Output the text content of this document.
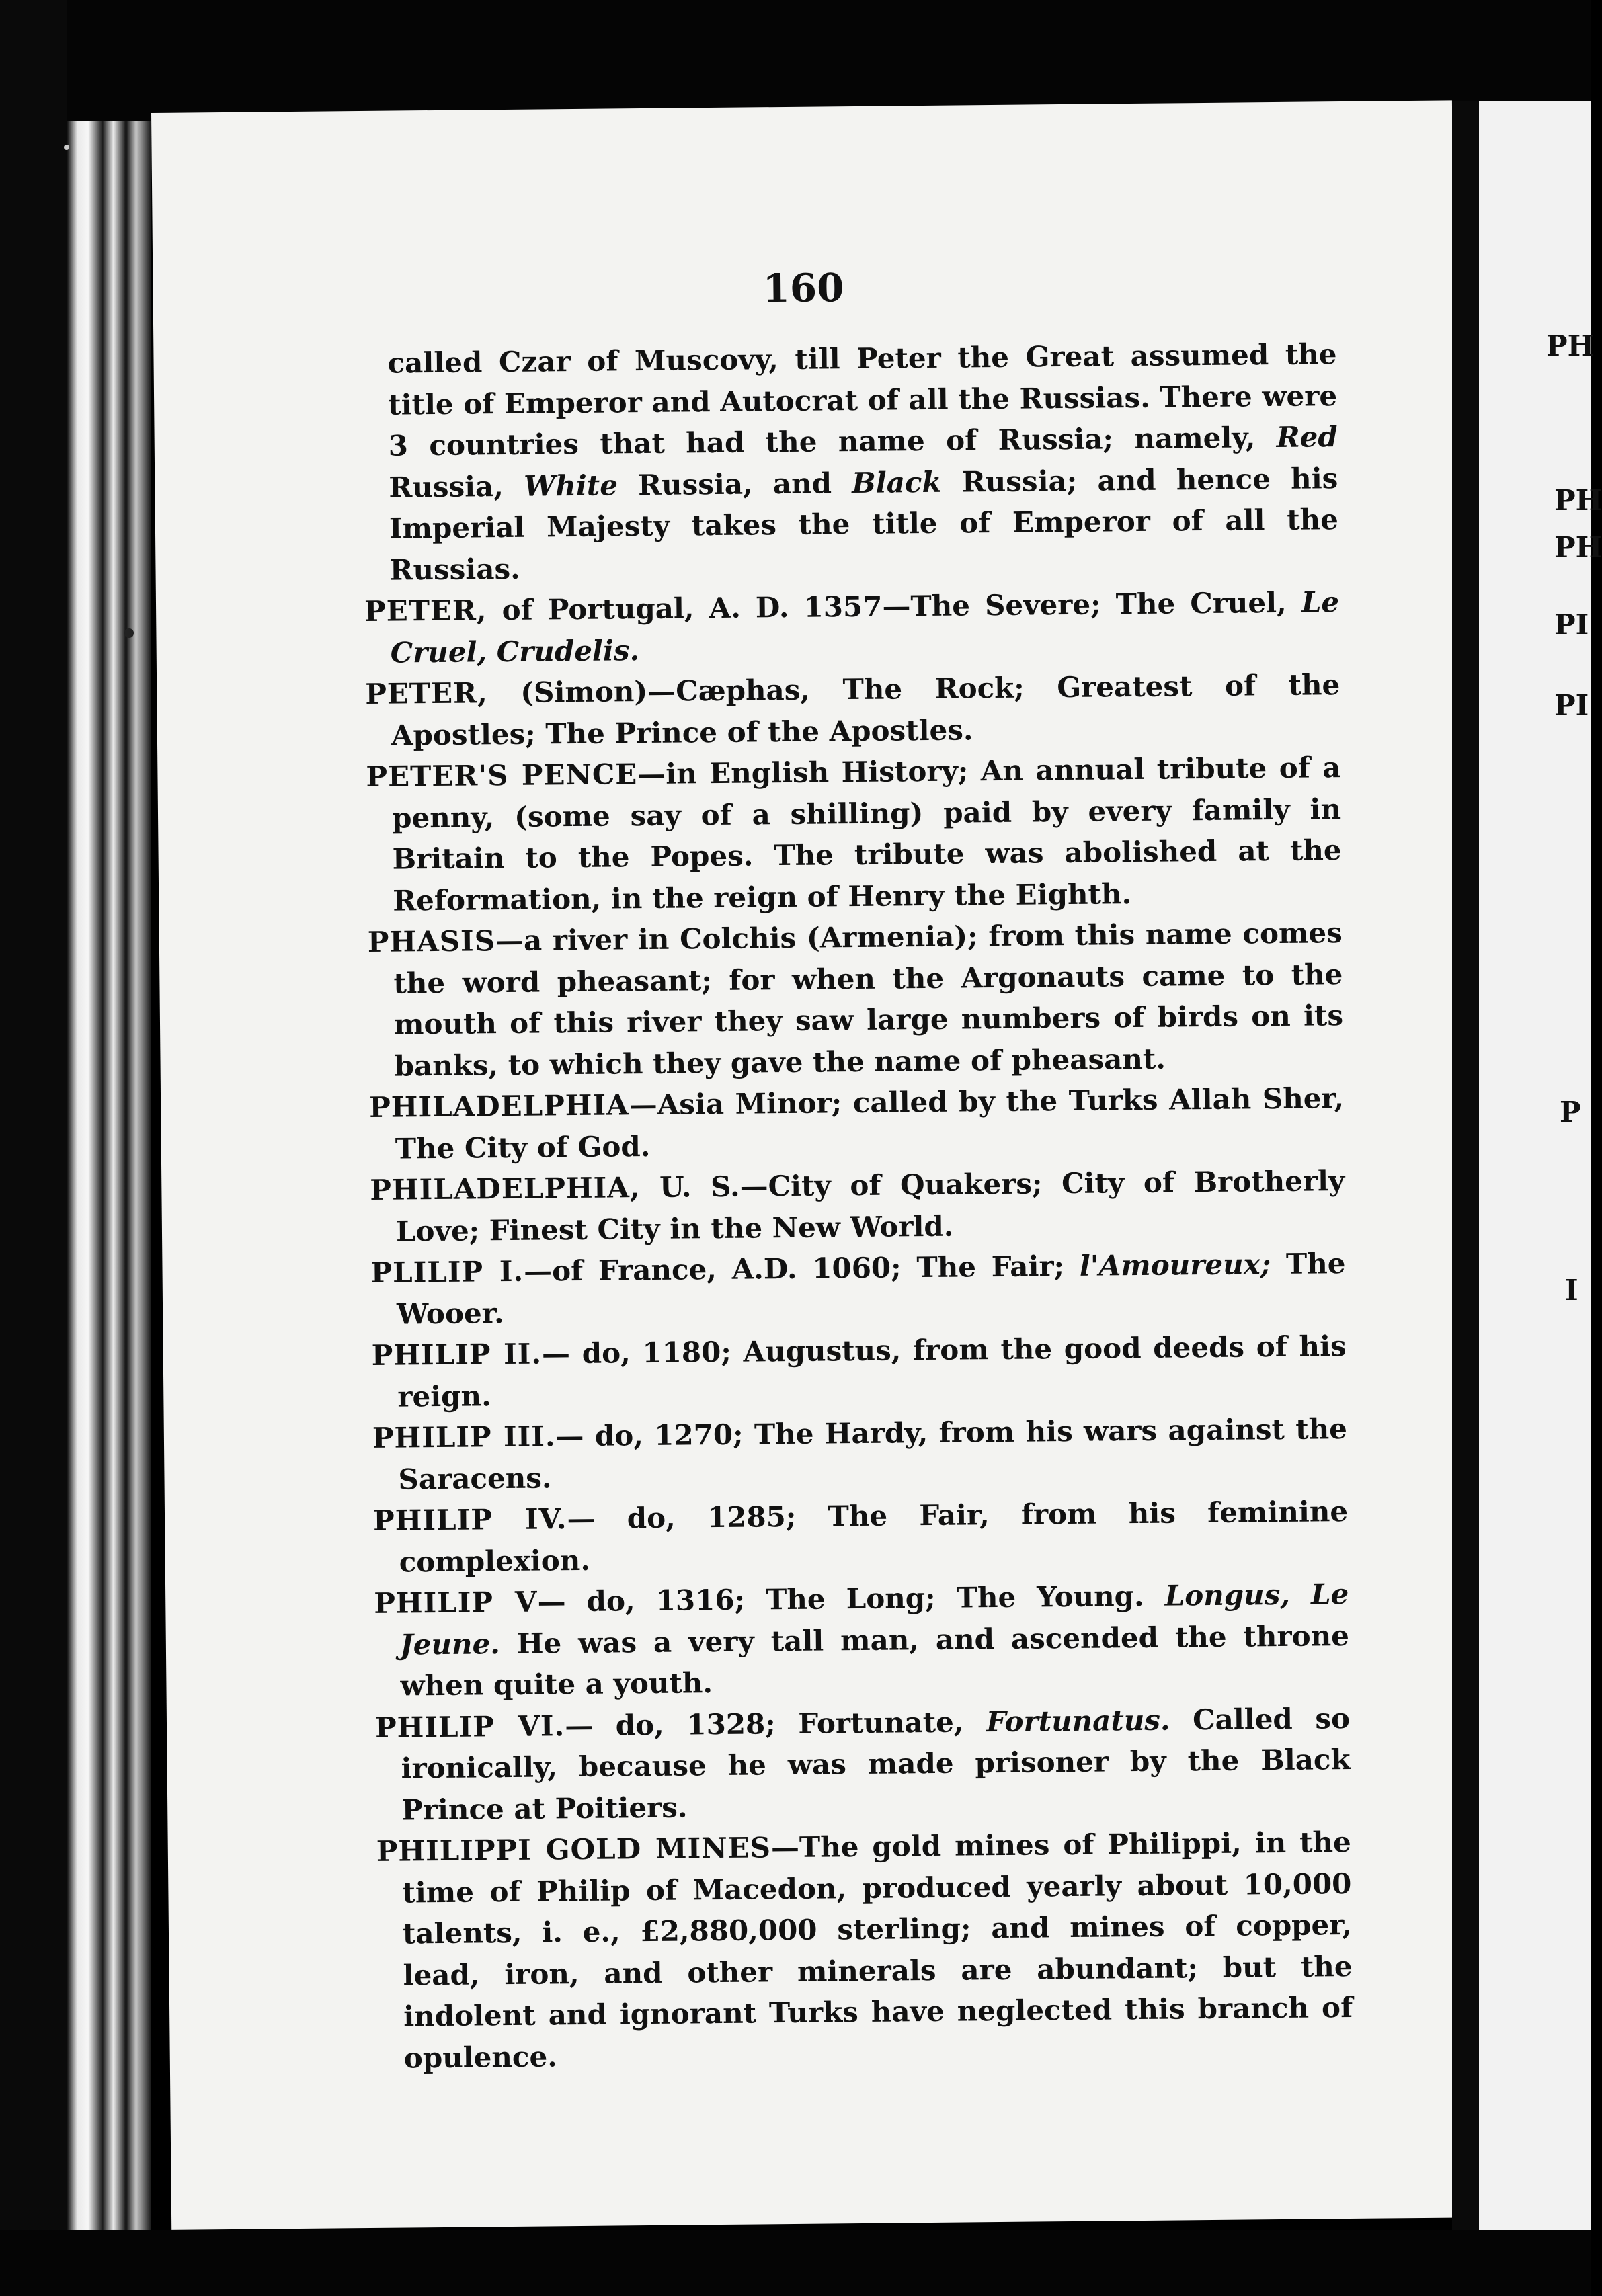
160

called Czar of Muscovy, till Peter the Great assumed the title of Emperor and Autocrat of all the Russias. There were 3 countries that had the name of Russia; namely, Red Russia, White Russia, and Black Russia; and hence his Imperial Majesty takes the title of Emperor of all the Russias.

PETER, of Portugal, A. D. 1357—The Severe; The Cruel, Le Cruel, Crudelis.

PETER, (Simon)—Cæphas, The Rock; Greatest of the Apostles; The Prince of the Apostles.

PETER'S PENCE—in English History; An annual tribute of a penny, (some say of a shilling) paid by every family in Britain to the Popes. The tribute was abolished at the Reformation, in the reign of Henry the Eighth.

PHASIS—a river in Colchis (Armenia); from this name comes the word pheasant; for when the Argonauts came to the mouth of this river they saw large numbers of birds on its banks, to which they gave the name of pheasant.

PHILADELPHIA—Asia Minor; called by the Turks Allah Sher, The City of God.

PHILADELPHIA, U. S.—City of Quakers; City of Brotherly Love; Finest City in the New World.

PLILIP I.—of France, A.D. 1060; The Fair; l'Amoureux; The Wooer.

PHILIP II.— do, 1180; Augustus, from the good deeds of his reign.

PHILIP III.— do, 1270; The Hardy, from his wars against the Saracens.

PHILIP IV.— do, 1285; The Fair, from his feminine complexion.

PHILIP V— do, 1316; The Long; The Young. Longus, Le Jeune. He was a very tall man, and ascended the throne when quite a youth.

PHILIP VI.— do, 1328; Fortunate, Fortunatus. Called so ironically, because he was made prisoner by the Black Prince at Poitiers.

PHILIPPI GOLD MINES—The gold mines of Philippi, in the time of Philip of Macedon, produced yearly about 10,000 talents, i. e., £2,880,000 sterling; and mines of copper, lead, iron, and other minerals are abundant; but the indolent and ignorant Turks have neglected this branch of opulence.

PH
PH
PH
PI
PI
P
I
